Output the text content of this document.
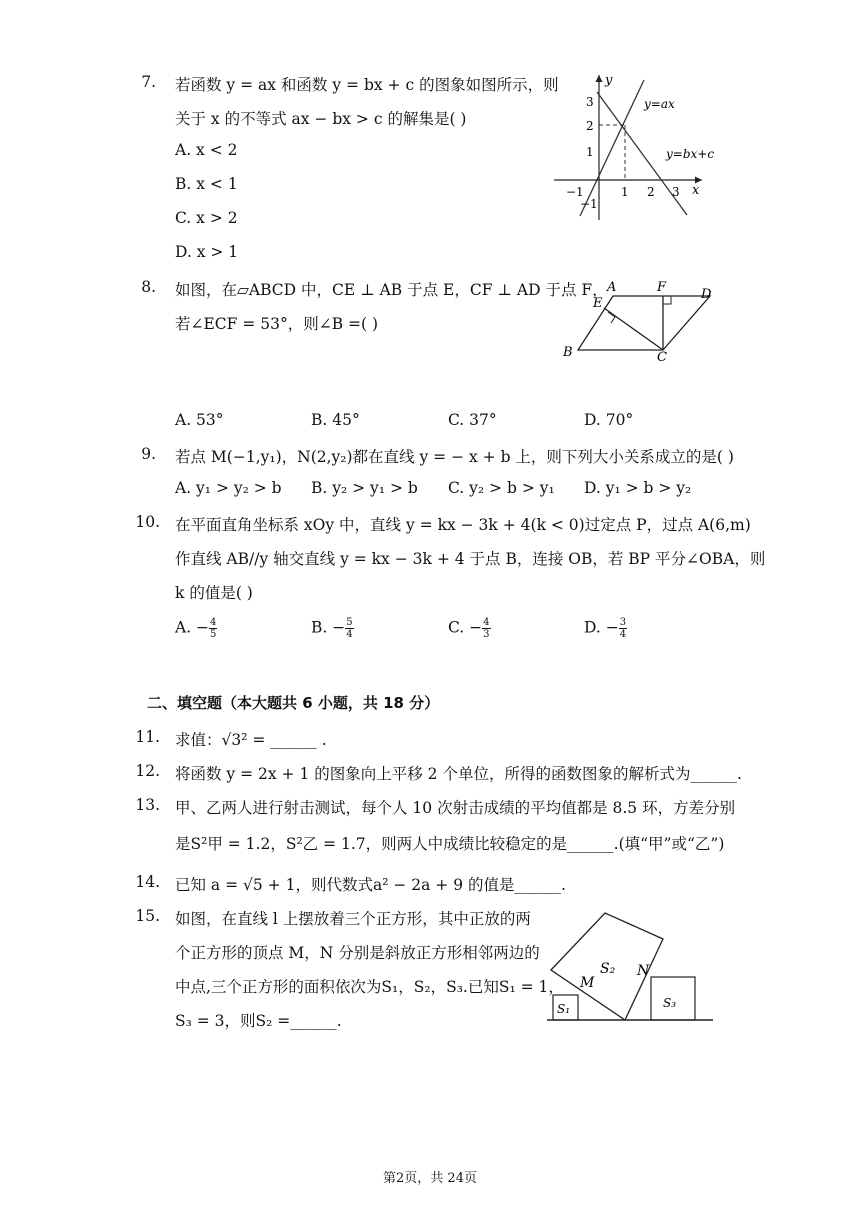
7. 若函数 y = ax 和函数 y = bx + c 的图象如图所示，则
关于 x 的不等式 ax − bx > c 的解集是( )
A. x < 2
B. x < 1
C. x > 2
D. x > 1
y
x
3
2
1
−1
−1	1 2 3
y=ax
y=bx+c
8. 如图，在▱ABCD 中，CE ⊥ AB 于点 E，CF ⊥ AD 于点 F，
若∠ECF = 53°，则∠B =( )
A	F	D
E
B	C
A. 53°	B. 45°	C. 37°	D. 70°
9. 若点 M(−1,y₁)，N(2,y₂)都在直线 y = − x + b 上，则下列大小关系成立的是( )
A. y₁ > y₂ > b B. y₂ > y₁ > b C. y₂ > b > y₁ D. y₁ > b > y₂
10. 在平面直角坐标系 xOy 中，直线 y = kx − 3k + 4(k < 0)过定点 P，过点 A(6,m)
作直线 AB//y 轴交直线 y = kx − 3k + 4 于点 B，连接 OB，若 BP 平分∠OBA，则
k 的值是( )
A. − $\frac{4}{5}$	B. − $\frac{5}{4}$	C. − $\frac{4}{3}$	D. − $\frac{3}{4}$
二、填空题（本大题共 6 小题，共 18 分）
11. 求值：√3² = ______ .
12. 将函数 y = 2x + 1 的图象向上平移 2 个单位，所得的函数图象的解析式为______.
13. 甲、乙两人进行射击测试，每个人 10 次射击成绩的平均值都是 8.5 环，方差分别
是S²甲 = 1.2，S²乙 = 1.7，则两人中成绩比较稳定的是______.(填“甲”或“乙”)
14. 已知 a = √5 + 1，则代数式a² − 2a + 9 的值是______.
15. 如图，在直线 l 上摆放着三个正方形，其中正放的两
个正方形的顶点 M，N 分别是斜放正方形相邻两边的
中点,三个正方形的面积依次为S₁，S₂，S₃.已知S₁ = 1，
S₃ = 3，则S₂ =______.
S₁
S₂
S₃
M
N
第2页，共 24页
